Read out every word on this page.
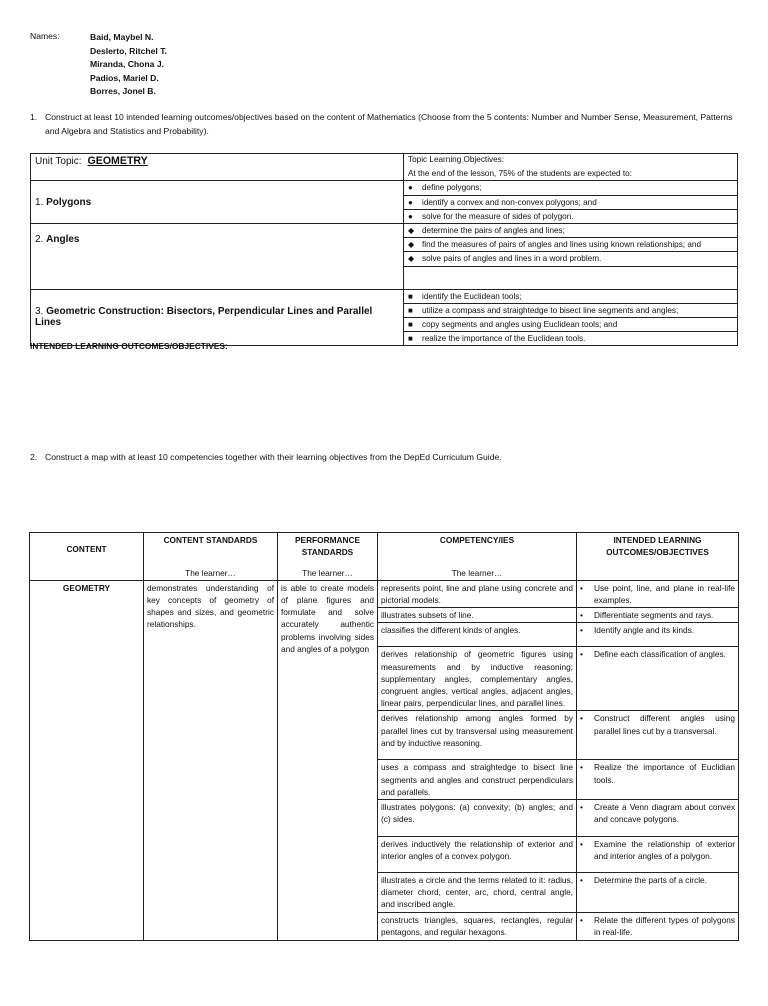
Names:	Baid, Maybel N.
Deslerto, Ritchel T.
Miranda, Chona J.
Padios, Mariel D.
Borres, Jonel B.
1. Construct at least 10 intended learning outcomes/objectives based on the content of Mathematics (Choose from the 5 contents: Number and Number Sense, Measurement, Patterns and Algebra and Statistics and Probability).
Unit Topic: GEOMETRY	Topic Learning Objectives:
	At the end of the lesson, 75% of the students are expected to:
1. Polygons	● define polygons;
	● identify a convex and non-convex polygons; and
	● solve for the measure of sides of polygon.
2. Angles	◆ determine the pairs of angles and lines;
	◆ find the measures of pairs of angles and lines using known relationships; and
	◆ solve pairs of angles and lines in a word problem.

3. Geometric Construction: Bisectors, Perpendicular Lines and Parallel Lines	■ identify the Euclidean tools;
	■ utilize a compass and straightedge to bisect line segments and angles;
	■ copy segments and angles using Euclidean tools; and
	■ realize the importance of the Euclidean tools.
INTENDED LEARNING OUTCOMES/OBJECTIVES:
2. Construct a map with at least 10 competencies together with their learning objectives from the DepEd Curriculum Guide.
CONTENT	CONTENT STANDARDS	PERFORMANCE STANDARDS	COMPETENCY/IES	INTENDED LEARNING OUTCOMES/OBJECTIVES
	The learner…	The learner…	The learner…	
GEOMETRY	demonstrates understanding of key concepts of geometry of shapes and sizes, and geometric relationships.	is able to create models of plane figures and formulate and solve accurately authentic problems involving sides and angles of a polygon	represents point, line and plane using concrete and pictorial models.	• Use point, line, and plane in real-life examples.

			illustrates subsets of line.	• Differentiate segments and rays.

			classifies the different kinds of angles.	• Identify angle and its kinds.

			derives relationship of geometric figures using measurements and by inductive reasoning; supplementary angles, complementary angles, congruent angles, vertical angles, adjacent angles, linear pairs, perpendicular lines, and parallel lines.	• Define each classification of angles.

			derives relationship among angles formed by parallel lines cut by transversal using measurement and by inductive reasoning.	• Construct different angles using parallel lines cut by a transversal.

			uses a compass and straightedge to bisect line segments and angles and construct perpendiculars and parallels.	• Realize the importance of Euclidian tools.

			illustrates polygons: (a) convexity; (b) angles; and (c) sides.	• Create a Venn diagram about convex and concave polygons.

			derives inductively the relationship of exterior and interior angles of a convex polygon.	• Examine the relationship of exterior and interior angles of a polygon.

			illustrates a circle and the terms related to it: radius, diameter chord, center, arc, chord, central angle, and inscribed angle.	• Determine the parts of a circle.

			constructs triangles, squares, rectangles, regular pentagons, and regular hexagons.	• Relate the different types of polygons in real-life.
